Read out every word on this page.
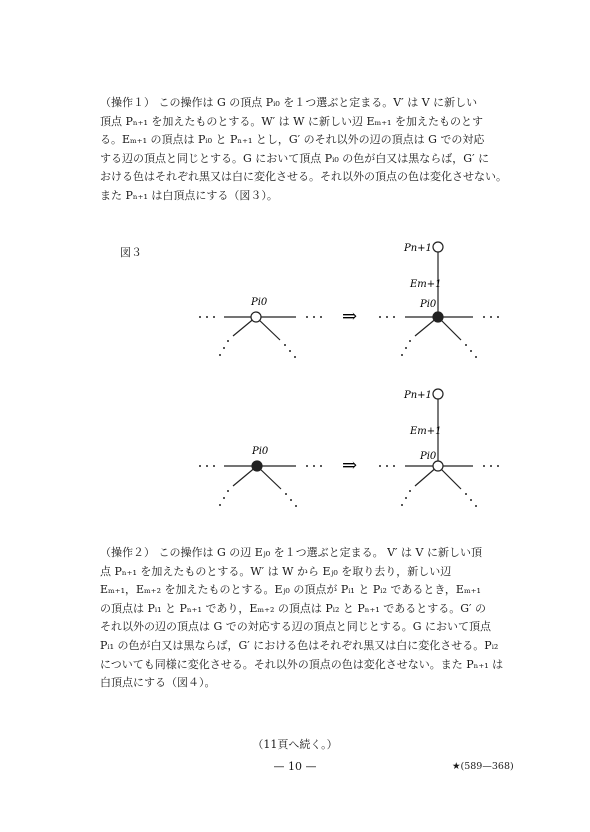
（操作１） この操作は G の頂点 Pᵢ₀ を１つ選ぶと定まる。V′ は V に新しい

頂点 Pₙ₊₁ を加えたものとする。W′ は W に新しい辺 Eₘ₊₁ を加えたものとす

る。Eₘ₊₁ の頂点は Pᵢ₀ と Pₙ₊₁ とし，G′ のそれ以外の辺の頂点は G での対応

する辺の頂点と同じとする。G において頂点 Pᵢ₀ の色が白又は黒ならば，G′ に

おける色はそれぞれ黒又は白に変化させる。それ以外の頂点の色は変化させない。

また Pₙ₊₁ は白頂点にする（図３）。

図３
⇒
⇒
Pi0	Pi0
Pn+1
Em+1
Pi0	Pi0
Pn+1
Em+1

（操作２） この操作は G の辺 Eⱼ₀ を１つ選ぶと定まる。 V′ は V に新しい頂

点 Pₙ₊₁ を加えたものとする。W′ は W から Eⱼ₀ を取り去り，新しい辺

Eₘ₊₁，Eₘ₊₂ を加えたものとする。Eⱼ₀ の頂点が Pᵢ₁ と Pᵢ₂ であるとき，Eₘ₊₁

の頂点は Pᵢ₁ と Pₙ₊₁ であり，Eₘ₊₂ の頂点は Pᵢ₂ と Pₙ₊₁ であるとする。G′ の

それ以外の辺の頂点は G での対応する辺の頂点と同じとする。G において頂点

Pᵢ₁ の色が白又は黒ならば，G′ における色はそれぞれ黒又は白に変化させる。Pᵢ₂

についても同様に変化させる。それ以外の頂点の色は変化させない。また Pₙ₊₁ は

白頂点にする（図４）。

（11頁へ続く。）
— 10 —	★(589—368)
